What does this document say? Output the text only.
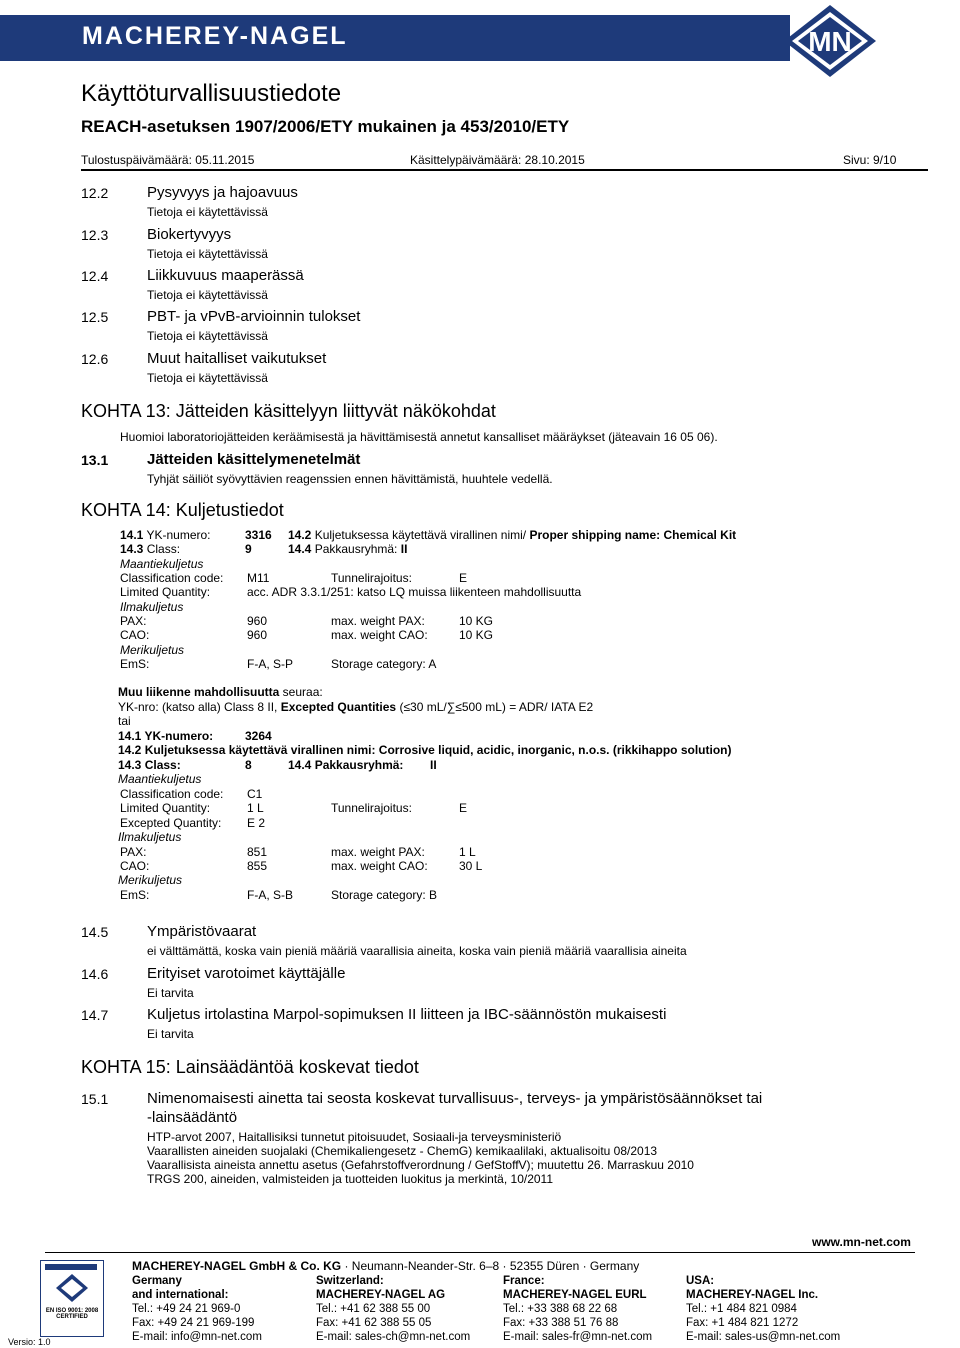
MACHEREY-NAGEL	MN
Käyttöturvallisuustiedote
REACH-asetuksen 1907/2006/ETY mukainen ja 453/2010/ETY
Tulostuspäivämäärä: 05.11.2015	Käsittelypäivämäärä: 28.10.2015	Sivu: 9/10
12.2	Pysyvyys ja hajoavuus
Tietoja ei käytettävissä
12.3	Biokertyvyys
Tietoja ei käytettävissä
12.4	Liikkuvuus maaperässä
Tietoja ei käytettävissä
12.5	PBT- ja vPvB-arvioinnin tulokset
Tietoja ei käytettävissä
12.6	Muut haitalliset vaikutukset
Tietoja ei käytettävissä
KOHTA 13: Jätteiden käsittelyyn liittyvät näkökohdat
Huomioi laboratoriojätteiden keräämisestä ja hävittämisestä annetut kansalliset määräykset (jäteavain 16 05 06).
13.1	Jätteiden käsittelymenetelmät
Tyhjät säiliöt syövyttävien reagenssien ennen hävittämistä, huuhtele vedellä.
KOHTA 14: Kuljetustiedot
14.1 YK-numero:	3316 14.2 Kuljetuksessa käytettävä virallinen nimi/ Proper shipping name: Chemical Kit
14.3 Class:	9	14.4 Pakkausryhmä: II
Maantiekuljetus
Classification code: M11	Tunnelirajoitus:	E
Limited Quantity:	acc. ADR 3.3.1/251: katso LQ muissa liikenteen mahdollisuutta
Ilmakuljetus
PAX:	960	max. weight PAX:	10 KG
CAO:	960	max. weight CAO:	10 KG
Merikuljetus
EmS:	F-A, S-P	Storage category: A
Muu liikenne mahdollisuutta seuraa:
YK-nro: (katso alla) Class 8 II, Excepted Quantities (≤30 mL/∑≤500 mL) = ADR/ IATA E2
tai
14.1 YK-numero:	3264
14.2 Kuljetuksessa käytettävä virallinen nimi: Corrosive liquid, acidic, inorganic, n.o.s. (rikkihappo solution)
14.3 Class:	8	14.4 Pakkausryhmä: II
Maantiekuljetus
Classification code: C1
Limited Quantity:	1 L	Tunnelirajoitus:	E
Excepted Quantity: E 2
Ilmakuljetus
PAX:	851	max. weight PAX:	1 L
CAO:	855	max. weight CAO:	30 L
Merikuljetus
EmS:	F-A, S-B	Storage category: B
14.5	Ympäristövaarat
ei välttämättä, koska vain pieniä määriä vaarallisia aineita, koska vain pieniä määriä vaarallisia aineita
14.6	Erityiset varotoimet käyttäjälle
Ei tarvita
14.7	Kuljetus irtolastina Marpol-sopimuksen II liitteen ja IBC-säännöstön mukaisesti
Ei tarvita
KOHTA 15: Lainsäädäntöä koskevat tiedot
15.1	Nimenomaisesti ainetta tai seosta koskevat turvallisuus-, terveys- ja ympäristösäännökset tai
-lainsäädäntö
HTP-arvot 2007, Haitallisiksi tunnetut pitoisuudet, Sosiaali-ja terveysministeriö
Vaarallisten aineiden suojalaki (Chemikaliengesetz - ChemG) kemikaalilaki, aktualisoitu 08/2013
Vaarallisista aineista annettu asetus (Gefahrstoffverordnung / GefStoffV); muutettu 26. Marraskuu 2010
TRGS 200, aineiden, valmisteiden ja tuotteiden luokitus ja merkintä, 10/2011
www.mn-net.com
EN ISO 9001: 2008 CERTIFIED
Versio: 1.0
MACHEREY-NAGEL GmbH & Co. KG · Neumann-Neander-Str. 6–8 · 52355 Düren · Germany
Germany
and international:
Tel.: +49 24 21 969-0
Fax: +49 24 21 969-199
E-mail: info@mn-net.com
Switzerland:
MACHEREY-NAGEL AG
Tel.: +41 62 388 55 00
Fax: +41 62 388 55 05
E-mail: sales-ch@mn-net.com
France:
MACHEREY-NAGEL EURL
Tel.: +33 388 68 22 68
Fax: +33 388 51 76 88
E-mail: sales-fr@mn-net.com
USA:
MACHEREY-NAGEL Inc.
Tel.: +1 484 821 0984
Fax: +1 484 821 1272
E-mail: sales-us@mn-net.com
